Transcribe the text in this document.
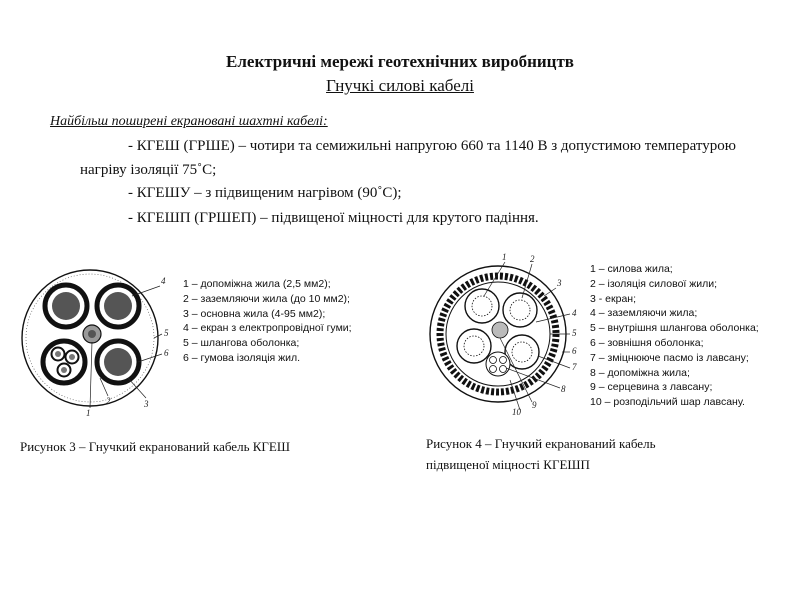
Електричні мережі геотехнічних виробництв
Гнучкі силові кабелі
Найбільш поширені екрановані шахтні кабелі:
- КГЕШ (ГРШЕ) – чотири та семижильні напругою 660 та 1140 В з допустимою температурою нагріву ізоляції 75˚С;
- КГЕШУ – з підвищеним нагрівом (90˚С);
- КГЕШП (ГРШЕП) – підвищеної міцності для крутого падіння.
4
5
6
3
1
2
1 – допоміжна жила (2,5 мм2);
2 – заземляючи жила (до 10 мм2);
3 – основна жила (4-95 мм2);
4 – екран з електропровідної гуми;
5 – шлангова оболонка;
6 – гумова ізоляція жил.
Рисунок 3 – Гнучкий екранований кабель КГЕШ
1	2
3
4
5
6
7
8
9
10
1 – силова жила;
2 – ізоляція силової жили;
3 - екран;
4 – заземляючи жила;
5 – внутрішня шлангова оболонка;
6 – зовнішня оболонка;
7 – зміцнююче пасмо із лавсану;
8 – допоміжна жила;
9 – серцевина з лавсану;
10 – розподільчий шар лавсану.
Рисунок 4 – Гнучкий екранований кабель
підвищеної міцності КГЕШП
